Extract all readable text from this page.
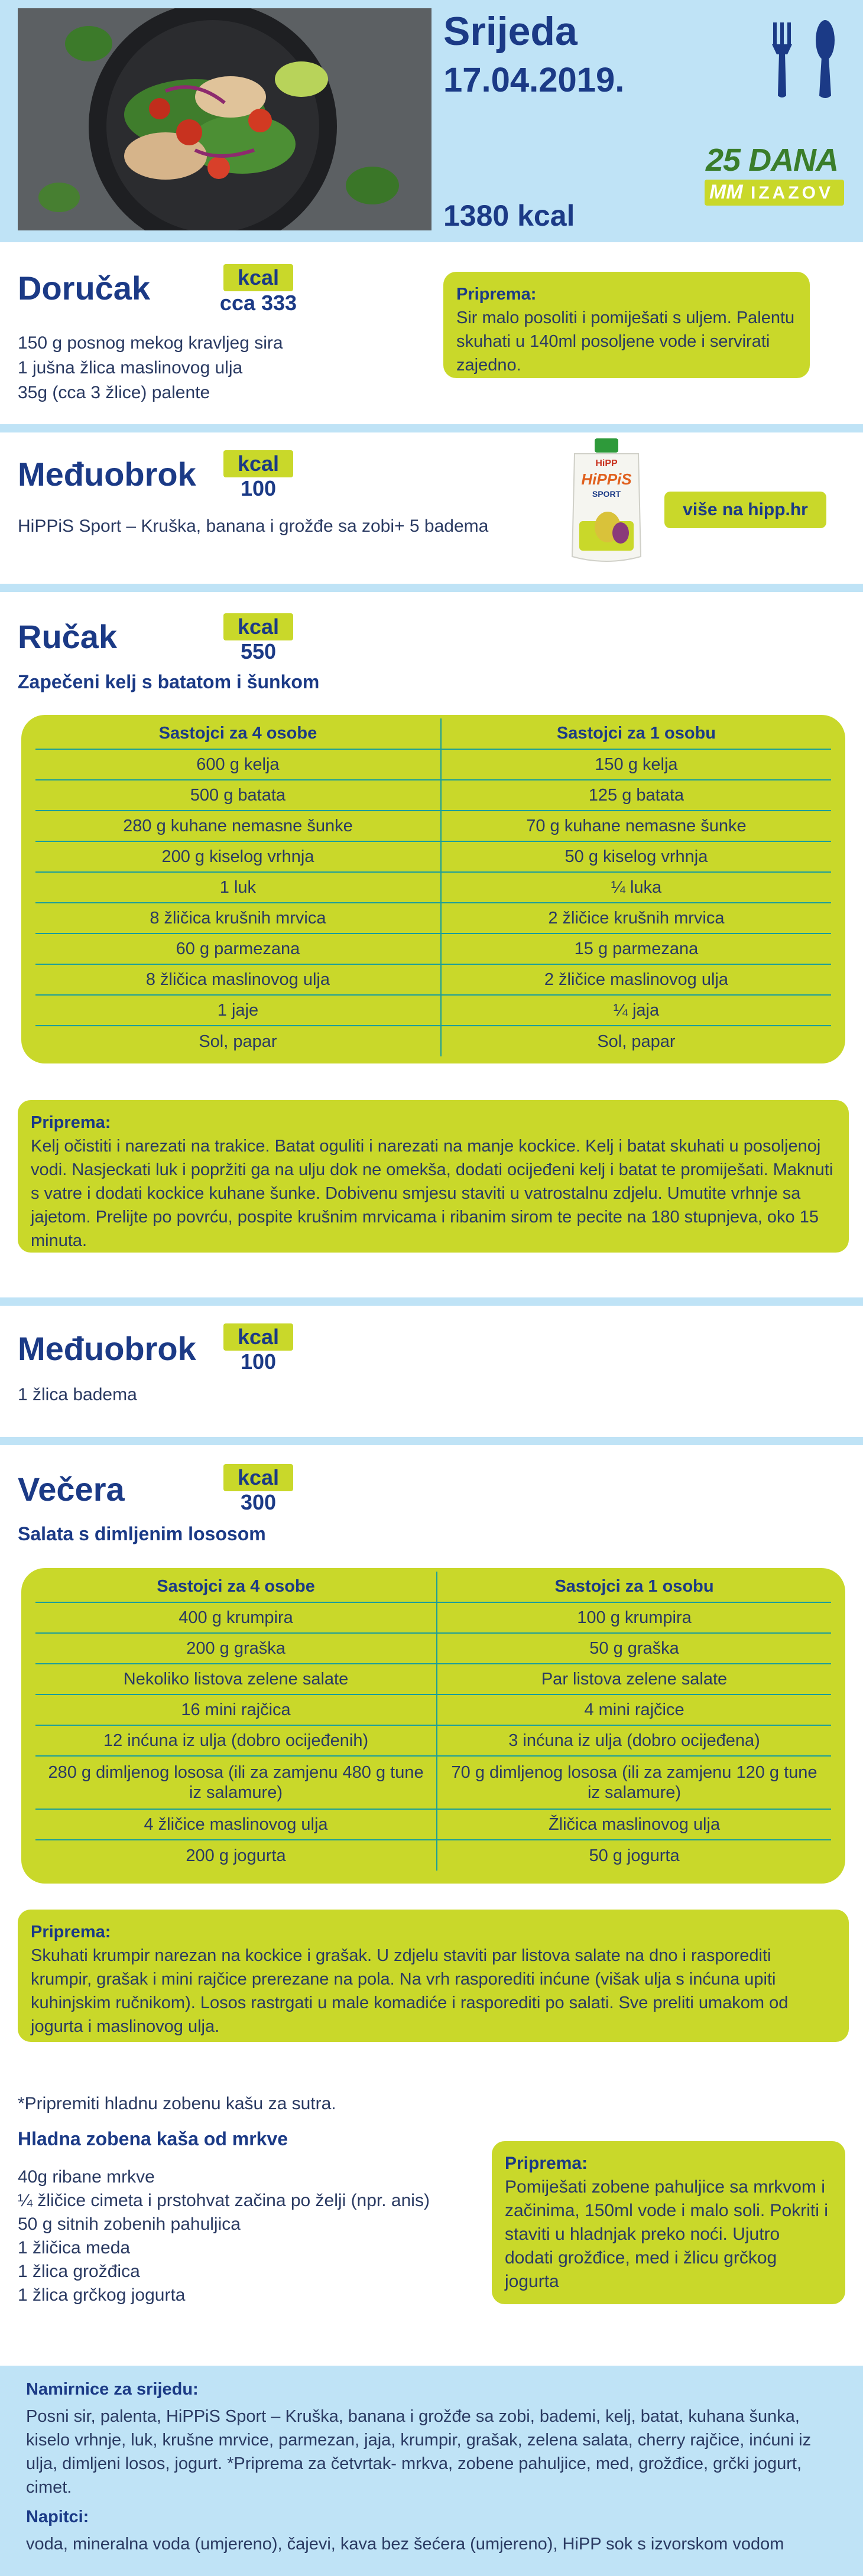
Srijeda
17.04.2019.
1380 kcal
25 DANA
MM IZAZOV
Doručak	kcal
cca 333
150 g posnog mekog kravljeg sira
1 jušna žlica maslinovog ulja
35g (cca 3 žlice) palente
Priprema:
Sir malo posoliti i pomiješati s uljem. Palentu skuhati u 140ml posoljene vode i servirati zajedno.
Međuobrok	kcal
100
HiPPiS Sport – Kruška, banana i grožđe sa zobi+ 5 badema
HiPP
HiPPiS
SPORT
više na hipp.hr
Ručak	kcal
550
Zapečeni kelj s batatom i šunkom
Sastojci za 4 osobe	Sastojci za 1 osobu
600 g kelja	150 g kelja
500 g batata	125 g batata
280 g kuhane nemasne šunke	70 g kuhane nemasne šunke
200 g kiselog vrhnja	50 g kiselog vrhnja
1 luk	¼ luka
8 žličica krušnih mrvica	2 žličice krušnih mrvica
60 g parmezana	15 g parmezana
8 žličica maslinovog ulja	2 žličice maslinovog ulja
1 jaje	¼ jaja
Sol, papar	Sol, papar
Priprema:
Kelj očistiti i narezati na trakice. Batat oguliti i narezati na manje kockice. Kelj i batat skuhati u posoljenoj vodi. Nasjeckati luk i popržiti ga na ulju dok ne omekša, dodati ocijeđeni kelj i batat te promiješati. Maknuti s vatre i dodati kockice kuhane šunke. Dobivenu smjesu staviti u vatrostalnu zdjelu. Umutite vrhnje sa jajetom. Prelijte po povrću, pospite krušnim mrvicama i ribanim sirom te pecite na 180 stupnjeva, oko 15 minuta.
Međuobrok	kcal
100
1 žlica badema
Večera	kcal
300
Salata s dimljenim lososom
Sastojci za 4 osobe	Sastojci za 1 osobu
400 g krumpira	100 g krumpira
200 g graška	50 g graška
Nekoliko listova zelene salate	Par listova zelene salate
16 mini rajčica	4 mini rajčice
12 inćuna iz ulja (dobro ocijeđenih)	3 inćuna iz ulja (dobro ocijeđena)
280 g dimljenog lososa (ili za zamjenu 480 g tune iz salamure)	70 g dimljenog lososa (ili za zamjenu 120 g tune iz salamure)
4 žličice maslinovog ulja	Žličica maslinovog ulja
200 g jogurta	50 g jogurta
Priprema:
Skuhati krumpir narezan na kockice i grašak. U zdjelu staviti par listova salate na dno i rasporediti krumpir, grašak i mini rajčice prerezane na pola. Na vrh rasporediti inćune (višak ulja s inćuna upiti kuhinjskim ručnikom). Losos rastrgati u male komadiće i rasporediti po salati. Sve preliti umakom od jogurta i maslinovog ulja.
*Pripremiti hladnu zobenu kašu za sutra.
Hladna zobena kaša od mrkve
40g ribane mrkve
¼ žličice cimeta i prstohvat začina po želji (npr. anis)
50 g sitnih zobenih pahuljica
1 žličica meda
1 žlica grožđica
1 žlica grčkog jogurta
Priprema:
Pomiješati zobene pahuljice sa mrkvom i začinima, 150ml vode i malo soli. Pokriti i staviti u hladnjak preko noći. Ujutro dodati grožđice, med i žlicu grčkog jogurta
Namirnice za srijedu:
Posni sir, palenta, HiPPiS Sport – Kruška, banana i grožđe sa zobi, bademi, kelj, batat, kuhana šunka, kiselo vrhnje, luk, krušne mrvice, parmezan, jaja, krumpir, grašak, zelena salata, cherry rajčice, inćuni iz ulja, dimljeni losos, jogurt. *Priprema za četvrtak- mrkva, zobene pahuljice, med, grožđice, grčki jogurt, cimet.
Napitci:
voda, mineralna voda (umjereno), čajevi, kava bez šećera (umjereno), HiPP sok s izvorskom vodom
